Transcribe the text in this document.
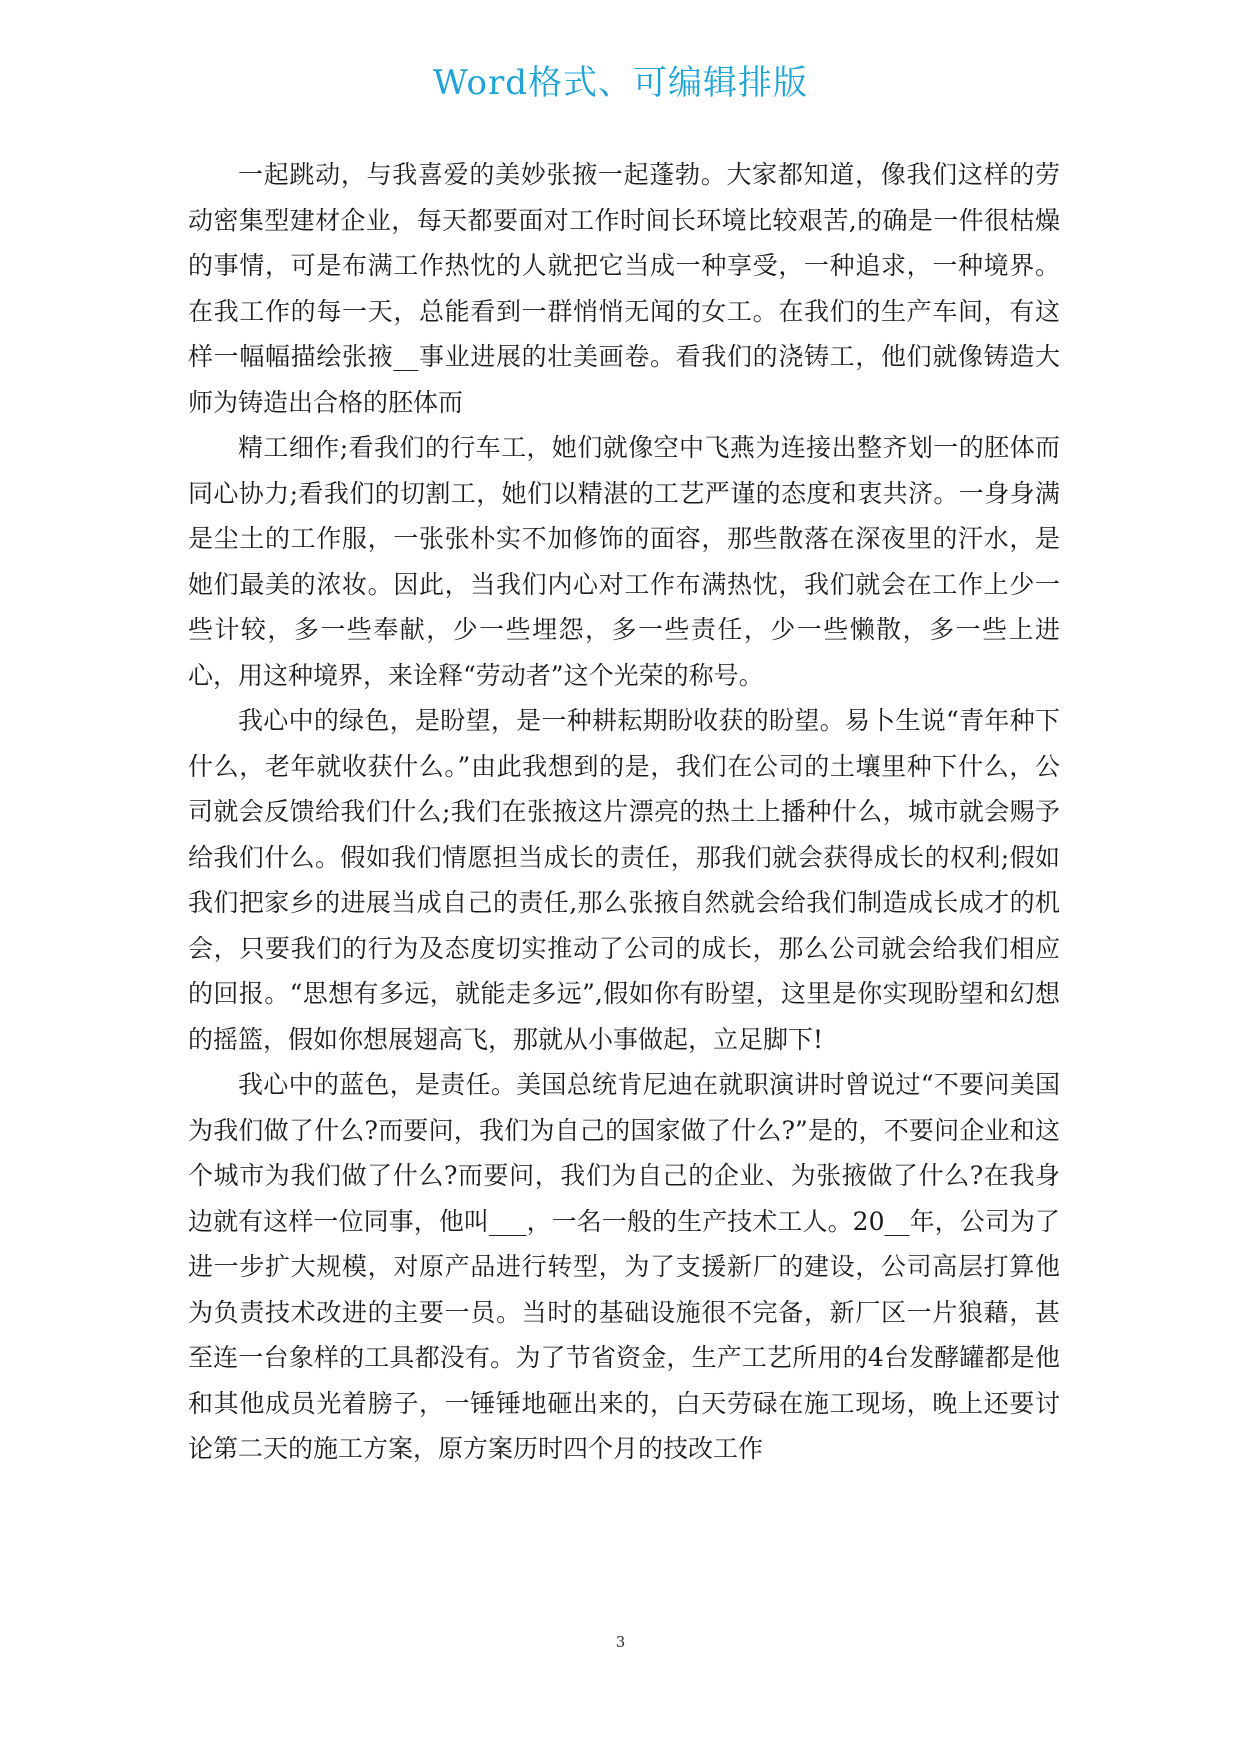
Word格式、可编辑排版

一起跳动，与我喜爱的美妙张掖一起蓬勃。大家都知道，像我们这样的劳动密集型建材企业，每天都要面对工作时间长环境比较艰苦,的确是一件很枯燥的事情，可是布满工作热忱的人就把它当成一种享受，一种追求，一种境界。在我工作的每一天，总能看到一群悄悄无闻的女工。在我们的生产车间，有这样一幅幅描绘张掖__事业进展的壮美画卷。看我们的浇铸工，他们就像铸造大师为铸造出合格的胚体而

精工细作;看我们的行车工，她们就像空中飞燕为连接出整齐划一的胚体而同心协力;看我们的切割工，她们以精湛的工艺严谨的态度和衷共济。一身身满是尘土的工作服，一张张朴实不加修饰的面容，那些散落在深夜里的汗水，是她们最美的浓妆。因此，当我们内心对工作布满热忱，我们就会在工作上少一些计较，多一些奉献，少一些埋怨，多一些责任，少一些懒散，多一些上进心，用这种境界，来诠释“劳动者”这个光荣的称号。

我心中的绿色，是盼望，是一种耕耘期盼收获的盼望。易卜生说“青年种下什么，老年就收获什么。”由此我想到的是，我们在公司的土壤里种下什么，公司就会反馈给我们什么;我们在张掖这片漂亮的热土上播种什么，城市就会赐予给我们什么。假如我们情愿担当成长的责任，那我们就会获得成长的权利;假如我们把家乡的进展当成自己的责任,那么张掖自然就会给我们制造成长成才的机会，只要我们的行为及态度切实推动了公司的成长，那么公司就会给我们相应的回报。“思想有多远，就能走多远”,假如你有盼望，这里是你实现盼望和幻想的摇篮，假如你想展翅高飞，那就从小事做起，立足脚下!

我心中的蓝色，是责任。美国总统肯尼迪在就职演讲时曾说过“不要问美国为我们做了什么?而要问，我们为自己的国家做了什么?”是的，不要问企业和这个城市为我们做了什么?而要问，我们为自己的企业、为张掖做了什么?在我身边就有这样一位同事，他叫___，一名一般的生产技术工人。20__年，公司为了进一步扩大规模，对原产品进行转型，为了支援新厂的建设，公司高层打算他为负责技术改进的主要一员。当时的基础设施很不完备，新厂区一片狼藉，甚至连一台象样的工具都没有。为了节省资金，生产工艺所用的4台发酵罐都是他和其他成员光着膀子，一锤锤地砸出来的，白天劳碌在施工现场，晚上还要讨论第二天的施工方案，原方案历时四个月的技改工作

3
